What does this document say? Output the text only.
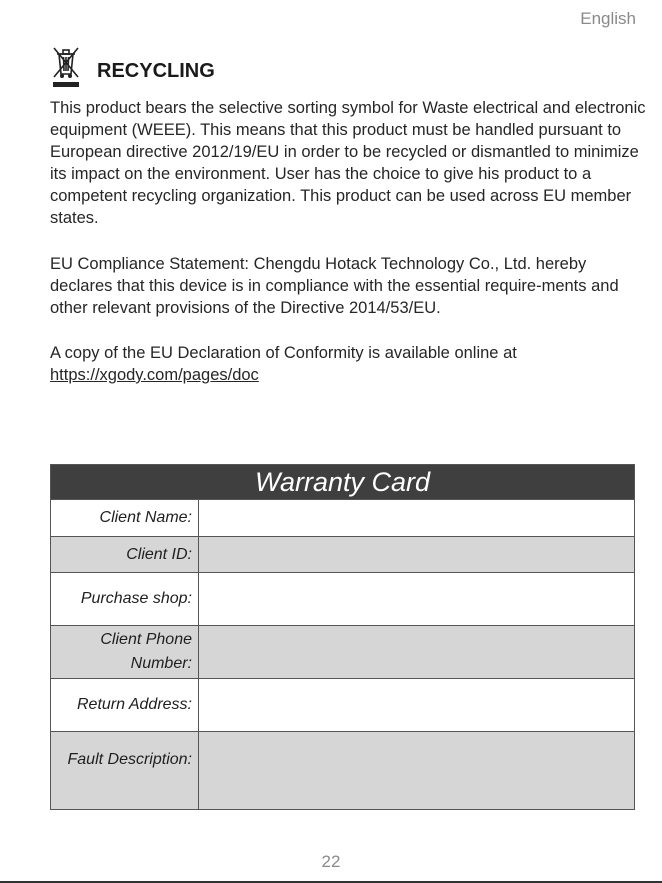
English
RECYCLING

This product bears the selective sorting symbol for Waste electrical and electronic equipment (WEEE). This means that this product must be handled pursuant to European directive 2012/19/EU in order to be recycled or dismantled to minimize its impact on the environment. User has the choice to give his product to a competent recycling organization. This product can be used across EU member states.

EU Compliance Statement: Chengdu Hotack Technology Co., Ltd. hereby declares that this device is in compliance with the essential require-ments and other relevant provisions of the Directive 2014/53/EU.

A copy of the EU Declaration of Conformity is available online at
https://xgody.com/pages/doc
Warranty Card	
Client Name:	
Client ID:	
Purchase shop:	
Client Phone
Number:	
Return Address:	
Fault Description:	
22
